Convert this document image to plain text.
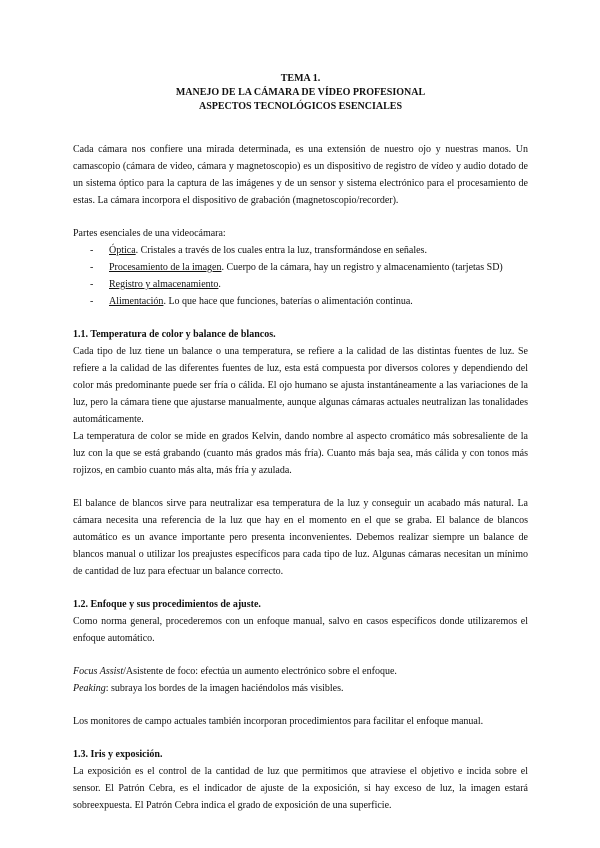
TEMA 1.
MANEJO DE LA CÁMARA DE VÍDEO PROFESIONAL
ASPECTOS TECNOLÓGICOS ESENCIALES

Cada cámara nos confiere una mirada determinada, es una extensión de nuestro ojo y nuestras manos. Un camascopio (cámara de video, cámara y magnetoscopio) es un dispositivo de registro de vídeo y audio dotado de un sistema óptico para la captura de las imágenes y de un sensor y sistema electrónico para el procesamiento de estas. La cámara incorpora el dispositivo de grabación (magnetoscopio/recorder).

Partes esenciales de una videocámara:

- Óptica. Cristales a través de los cuales entra la luz, transformándose en señales.
- Procesamiento de la imagen. Cuerpo de la cámara, hay un registro y almacenamiento (tarjetas SD)
- Registro y almacenamiento.
- Alimentación. Lo que hace que funciones, baterías o alimentación continua.
1.1. Temperatura de color y balance de blancos.

Cada tipo de luz tiene un balance o una temperatura, se refiere a la calidad de las distintas fuentes de luz. Se refiere a la calidad de las diferentes fuentes de luz, esta está compuesta por diversos colores y dependiendo del color más predominante puede ser fría o cálida. El ojo humano se ajusta instantáneamente a las variaciones de la luz, pero la cámara tiene que ajustarse manualmente, aunque algunas cámaras actuales neutralizan las tonalidades automáticamente.

La temperatura de color se mide en grados Kelvin, dando nombre al aspecto cromático más sobresaliente de la luz con la que se está grabando (cuanto más grados más fría). Cuanto más baja sea, más cálida y con tonos más rojizos, en cambio cuanto más alta, más fría y azulada.

El balance de blancos sirve para neutralizar esa temperatura de la luz y conseguir un acabado más natural. La cámara necesita una referencia de la luz que hay en el momento en el que se graba. El balance de blancos automático es un avance importante pero presenta inconvenientes. Debemos realizar siempre un balance de blancos manual o utilizar los preajustes específicos para cada tipo de luz. Algunas cámaras necesitan un mínimo de cantidad de luz para efectuar un balance correcto.

1.2. Enfoque y sus procedimientos de ajuste.

Como norma general, procederemos con un enfoque manual, salvo en casos específicos donde utilizaremos el enfoque automático.

Focus Assist/Asistente de foco: efectúa un aumento electrónico sobre el enfoque.

Peaking: subraya los bordes de la imagen haciéndolos más visibles.

Los monitores de campo actuales también incorporan procedimientos para facilitar el enfoque manual.

1.3. Iris y exposición.

La exposición es el control de la cantidad de luz que permitimos que atraviese el objetivo e incida sobre el sensor. El Patrón Cebra, es el indicador de ajuste de la exposición, si hay exceso de luz, la imagen estará sobreexpuesta. El Patrón Cebra indica el grado de exposición de una superficie.
